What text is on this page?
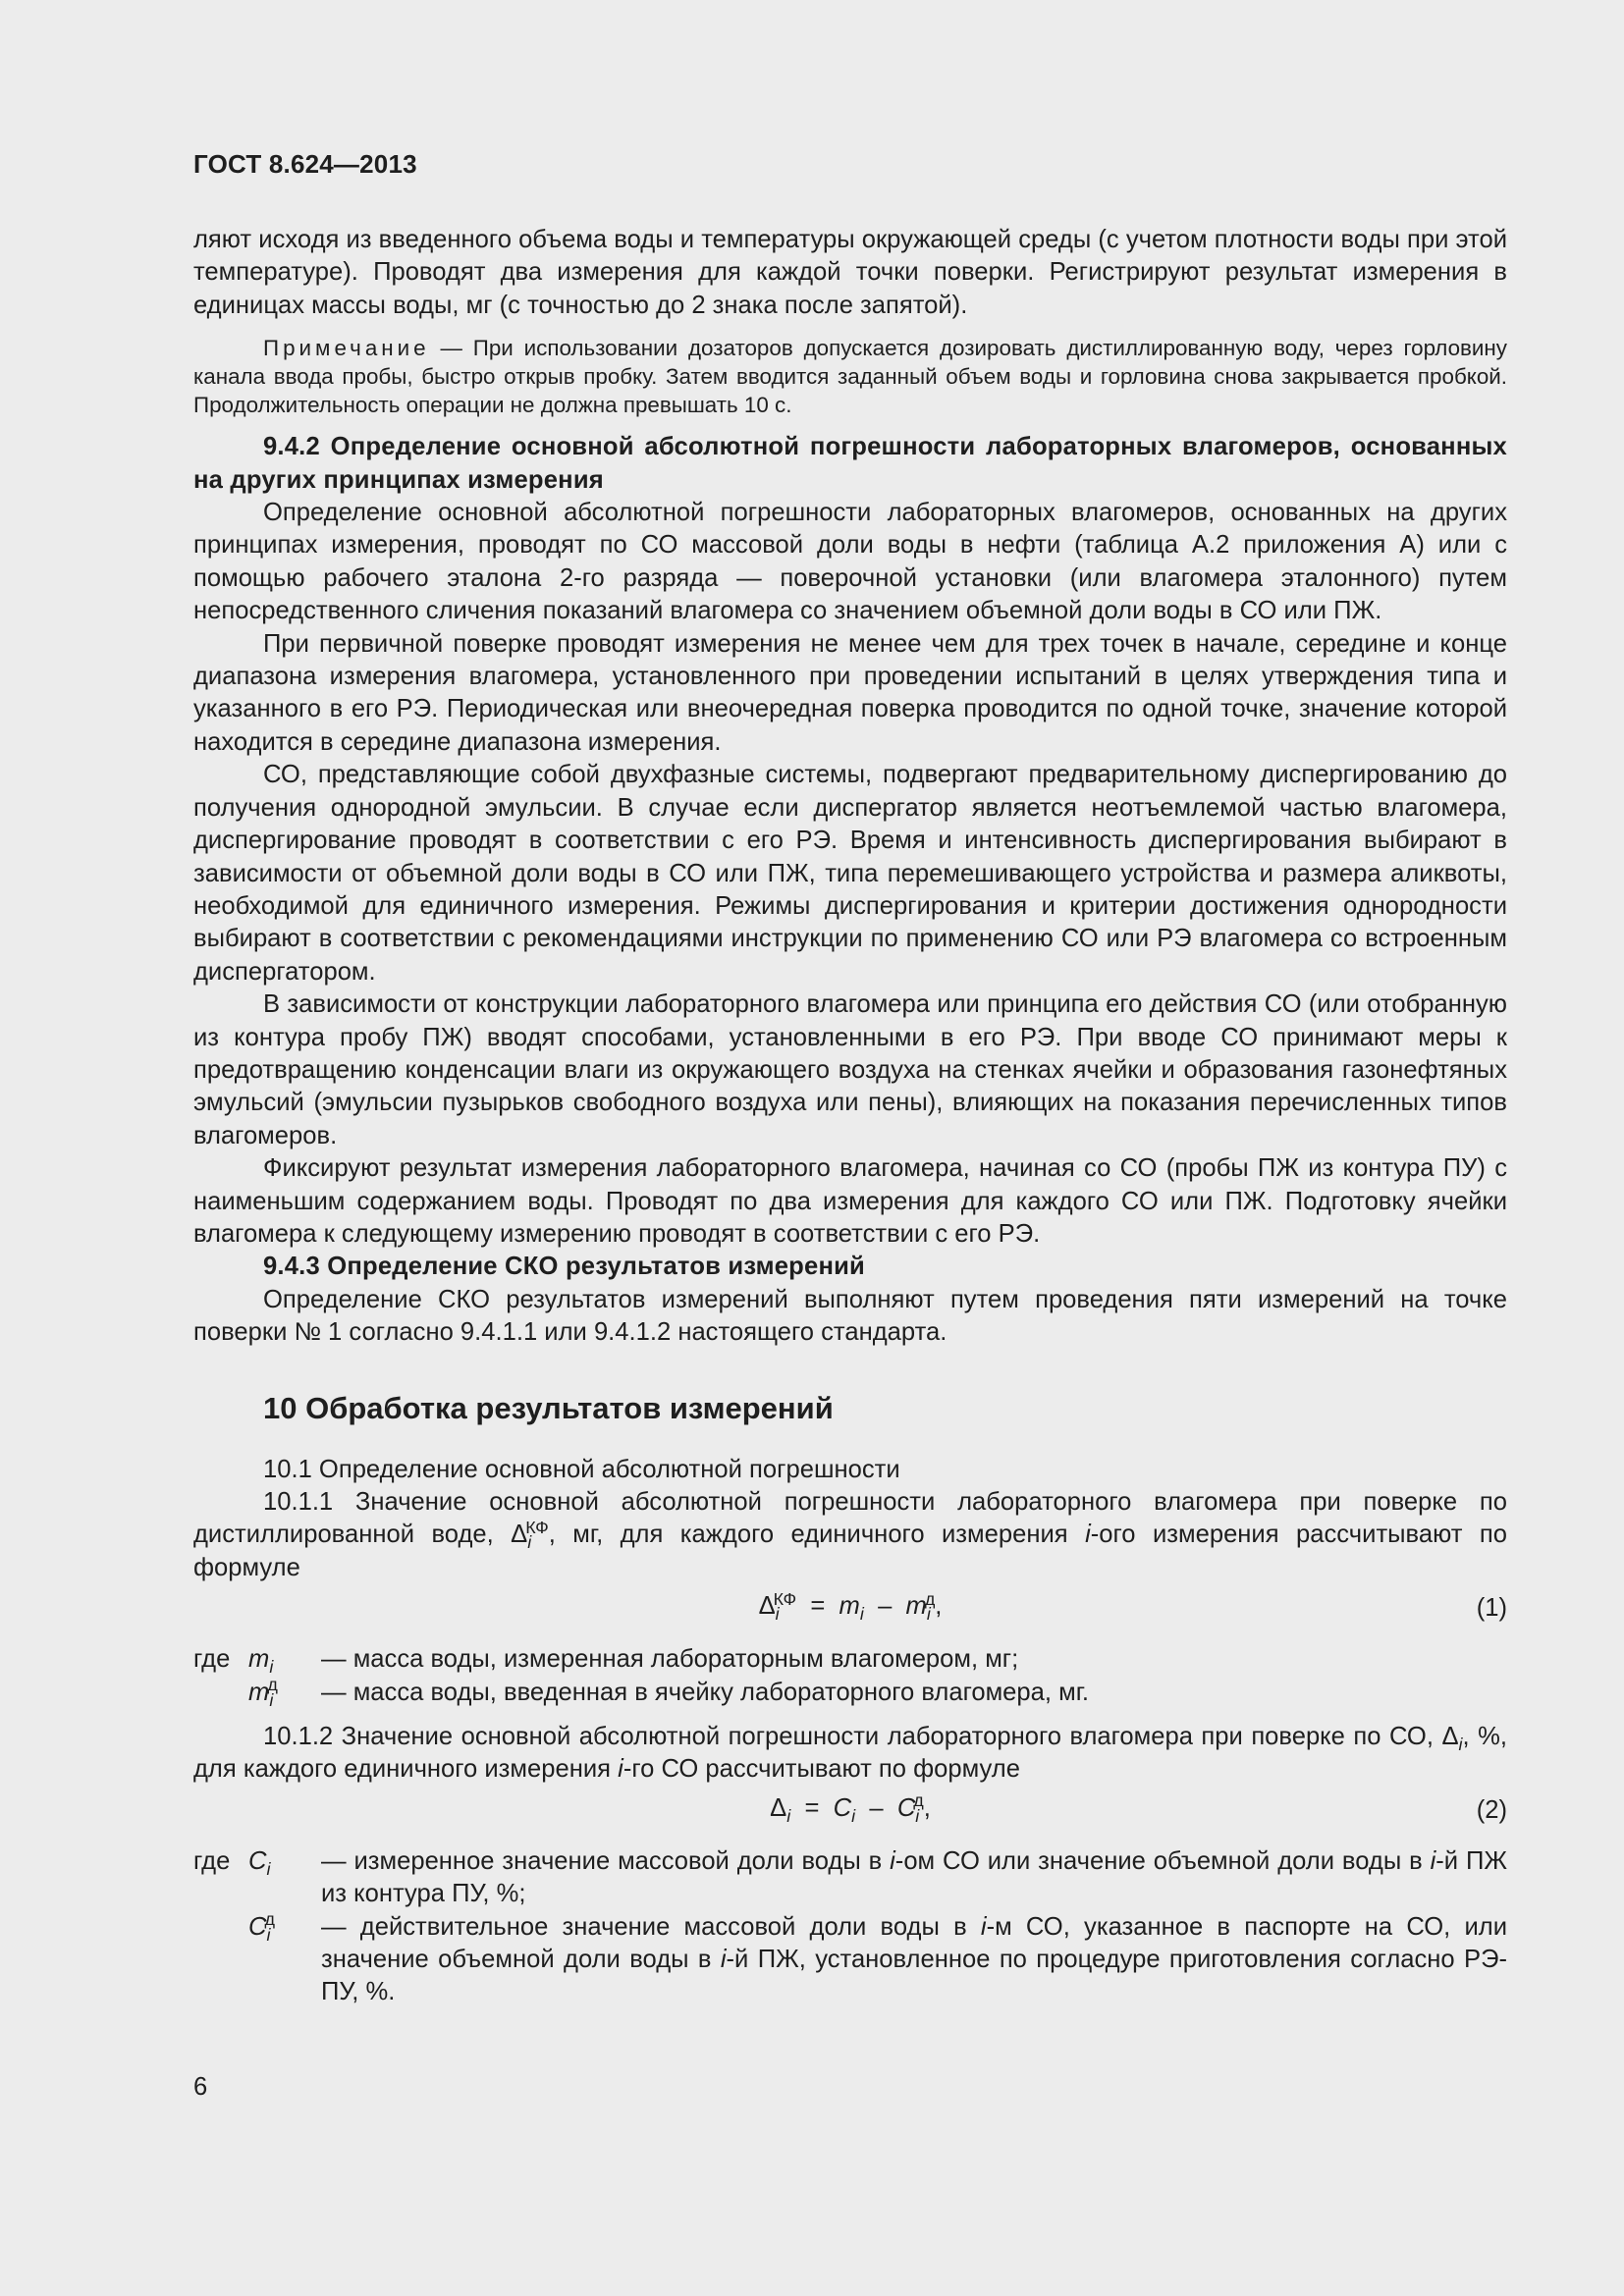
ГОСТ 8.624—2013

ляют исходя из введенного объема воды и температуры окружающей среды (с учетом плотности воды при этой температуре). Проводят два измерения для каждой точки поверки. Регистрируют результат измерения в единицах массы воды, мг (с точностью до 2 знака после запятой).

Примечание — При использовании дозаторов допускается дозировать дистиллированную воду, через горловину канала ввода пробы, быстро открыв пробку. Затем вводится заданный объем воды и горловина снова закрывается пробкой. Продолжительность операции не должна превышать 10 с.

9.4.2 Определение основной абсолютной погрешности лабораторных влагомеров, основанных на других принципах измерения

Определение основной абсолютной погрешности лабораторных влагомеров, основанных на других принципах измерения, проводят по СО массовой доли воды в нефти (таблица А.2 приложения А) или с помощью рабочего эталона 2-го разряда — поверочной установки (или влагомера эталонного) путем непосредственного сличения показаний влагомера со значением объемной доли воды в СО или ПЖ.

При первичной поверке проводят измерения не менее чем для трех точек в начале, середине и конце диапазона измерения влагомера, установленного при проведении испытаний в целях утверждения типа и указанного в его РЭ. Периодическая или внеочередная поверка проводится по одной точке, значение которой находится в середине диапазона измерения.

СО, представляющие собой двухфазные системы, подвергают предварительному диспергированию до получения однородной эмульсии. В случае если диспергатор является неотъемлемой частью влагомера, диспергирование проводят в соответствии с его РЭ. Время и интенсивность диспергирования выбирают в зависимости от объемной доли воды в СО или ПЖ, типа перемешивающего устройства и размера аликвоты, необходимой для единичного измерения. Режимы диспергирования и критерии достижения однородности выбирают в соответствии с рекомендациями инструкции по применению СО или РЭ влагомера со встроенным диспергатором.

В зависимости от конструкции лабораторного влагомера или принципа его действия СО (или отобранную из контура пробу ПЖ) вводят способами, установленными в его РЭ. При вводе СО принимают меры к предотвращению конденсации влаги из окружающего воздуха на стенках ячейки и образования газонефтяных эмульсий (эмульсии пузырьков свободного воздуха или пены), влияющих на показания перечисленных типов влагомеров.

Фиксируют результат измерения лабораторного влагомера, начиная со СО (пробы ПЖ из контура ПУ) с наименьшим содержанием воды. Проводят по два измерения для каждого СО или ПЖ. Подготовку ячейки влагомера к следующему измерению проводят в соответствии с его РЭ.

9.4.3 Определение СКО результатов измерений

Определение СКО результатов измерений выполняют путем проведения пяти измерений на точке поверки № 1 согласно 9.4.1.1 или 9.4.1.2 настоящего стандарта.

10 Обработка результатов измерений

10.1 Определение основной абсолютной погрешности

10.1.1 Значение основной абсолютной погрешности лабораторного влагомера при поверке по дистиллированной воде, $\Delta_i^{КФ}$, мг, для каждого единичного измерения i-ого измерения рассчитывают по формуле

$\Delta_i^{КФ} = m_i - m_i^д$,	(1)
где $m_i$	— масса воды, измеренная лабораторным влагомером, мг;
$m_i^д$	— масса воды, введенная в ячейку лабораторного влагомера, мг.

10.1.2 Значение основной абсолютной погрешности лабораторного влагомера при поверке по СО, $\Delta_i$, %, для каждого единичного измерения i-го СО рассчитывают по формуле

$\Delta_i = C_i - C_i^д$,	(2)
где $C_i$	— измеренное значение массовой доли воды в i-ом СО или значение объемной доли воды в i-й ПЖ из контура ПУ, %;
$C_i^д$	— действительное значение массовой доли воды в i-м СО, указанное в паспорте на СО, или значение объемной доли воды в i-й ПЖ, установленное по процедуре приготовления согласно РЭ-ПУ, %.
6
